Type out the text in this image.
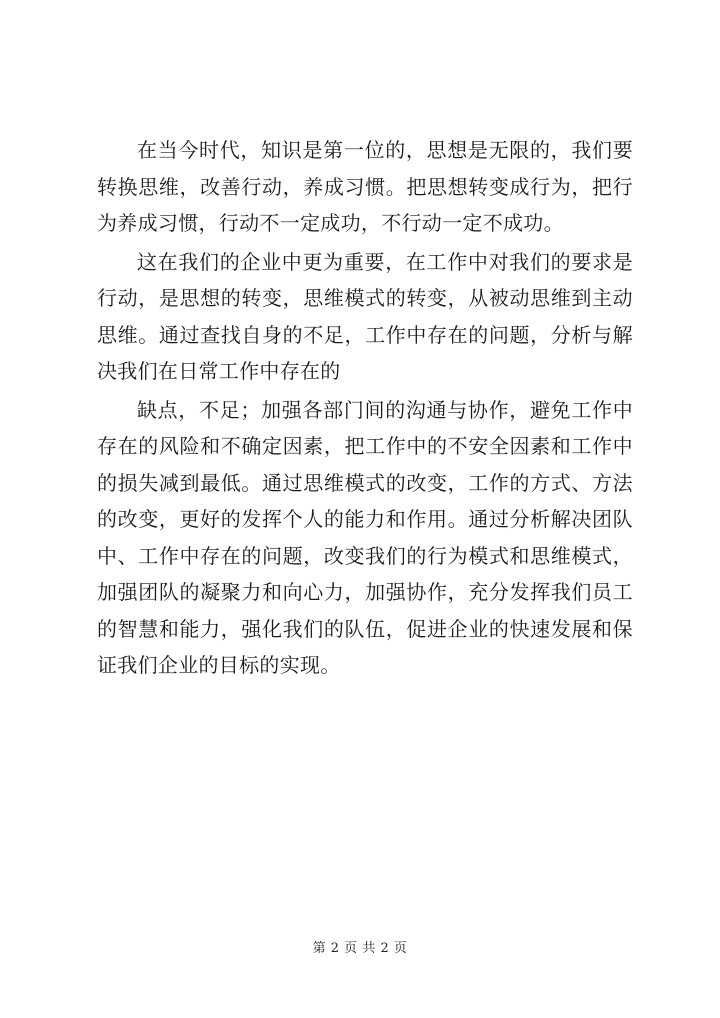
在当今时代，知识是第一位的，思想是无限的，我们要转换思维，改善行动，养成习惯。把思想转变成行为，把行为养成习惯，行动不一定成功，不行动一定不成功。

这在我们的企业中更为重要，在工作中对我们的要求是行动，是思想的转变，思维模式的转变，从被动思维到主动思维。通过查找自身的不足，工作中存在的问题，分析与解决我们在日常工作中存在的

缺点，不足；加强各部门间的沟通与协作，避免工作中存在的风险和不确定因素，把工作中的不安全因素和工作中的损失减到最低。通过思维模式的改变，工作的方式、方法的改变，更好的发挥个人的能力和作用。通过分析解决团队中、工作中存在的问题，改变我们的行为模式和思维模式，加强团队的凝聚力和向心力，加强协作，充分发挥我们员工的智慧和能力，强化我们的队伍，促进企业的快速发展和保证我们企业的目标的实现。

第 2 页 共 2 页
